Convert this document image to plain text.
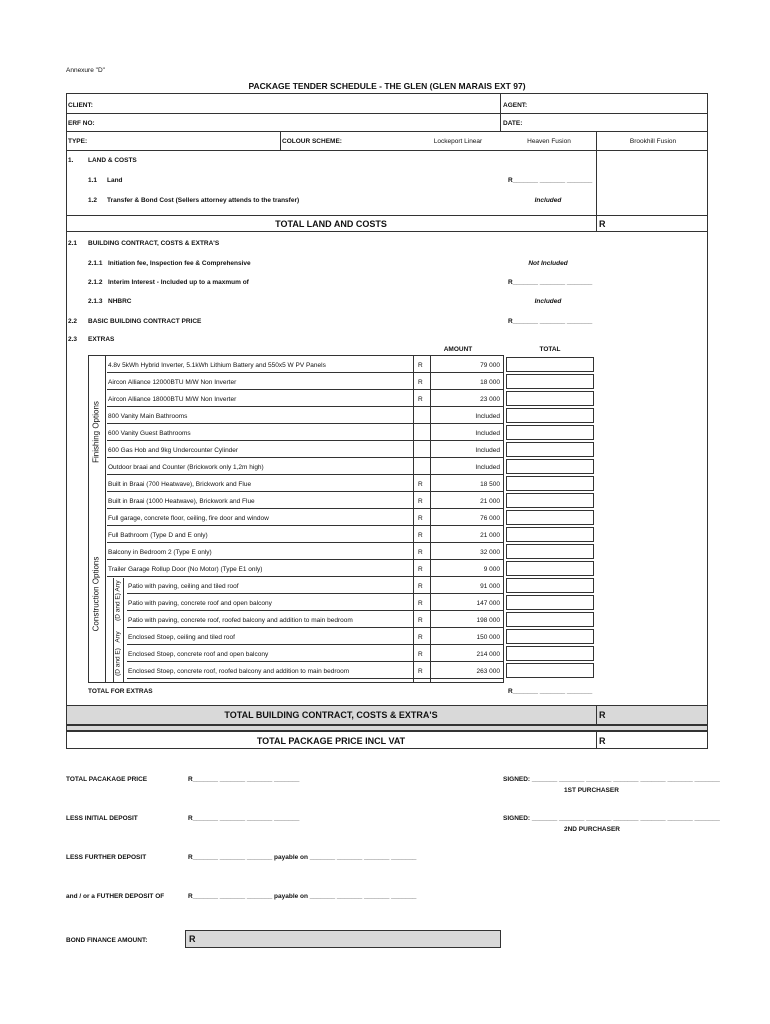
Annexure "D"
PACKAGE TENDER SCHEDULE - THE GLEN (GLEN MARAIS EXT 97)
CLIENT:	AGENT:
ERF NO:	DATE:
TYPE:	COLOUR SCHEME:	Lockeport Linear	Heaven Fusion	Brookhill Fusion
1. LAND & COSTS
1.1 Land	R_______ _______ _______
1.2 Transfer & Bond Cost (Sellers attorney attends to the transfer)	Included
TOTAL LAND AND COSTS	R
2.1 BUILDING CONTRACT, COSTS & EXTRA'S
2.1.1 Initiation fee, Inspection fee & Comprehensive	Not Included
2.1.2 Interim Interest - Included up to a maxmum of	R_______ _______ _______
2.1.3 NHBRC	Included
2.2 BASIC BUILDING CONTRACT PRICE	R_______ _______ _______
2.3 EXTRAS
AMOUNT	TOTAL
Finishing Options
Construction Options Any
(D and E)
Any
(D and E)
4.8v 5kWh Hybrid Inverter, 5.1kWh Lithium Battery and 550x5 W PV Panels	R	79 000
Aircon Alliance 12000BTU M/W Non Inverter	R	18 000
Aircon Alliance 18000BTU M/W Non Inverter	R	23 000
800 Vanity Main Bathrooms	Included
600 Vanity Guest Bathrooms	Included
600 Gas Hob and 9kg Undercounter Cylinder	Included
Outdoor braai and Counter (Brickwork only 1,2m high)	Included
Built in Braai (700 Heatwave), Brickwork and Flue	R	18 500
Built in Braai (1000 Heatwave), Brickwork and Flue	R	21 000
Full garage, concrete floor, ceiling, fire door and window	R	76 000
Full Bathroom (Type D and E only)	R	21 000
Balcony in Bedroom 2 (Type E only)	R	32 000
Trailer Garage Rollup Door (No Motor) (Type E1 only)	R	9 000
Patio with paving, ceiling and tiled roof	R	91 000
Patio with paving, concrete roof and open balcony	R	147 000
Patio with paving, concrete roof, roofed balcony and addition to main bedroom	R	198 000
Enclosed Stoep, ceiling and tiled roof	R	150 000
Enclosed Stoep, concrete roof and open balcony	R	214 000
Enclosed Stoep, concrete roof, roofed balcony and addition to main bedroom	R	263 000
TOTAL FOR EXTRAS	R_______ _______ _______
TOTAL BUILDING CONTRACT, COSTS & EXTRA'S	R
TOTAL PACKAGE PRICE INCL VAT	R
TOTAL PACAKAGE PRICE	R_______ _______ _______ _______	SIGNED: _______ _______ _______ _______ _______ _______ _______
1ST PURCHASER
LESS INITIAL DEPOSIT	R_______ _______ _______ _______	SIGNED: _______ _______ _______ _______ _______ _______ _______
2ND PURCHASER
LESS FURTHER DEPOSIT	R_______ _______ _______ payable on _______ _______ _______ _______
and / or a FUTHER DEPOSIT OF	R_______ _______ _______ payable on _______ _______ _______ _______
BOND FINANCE AMOUNT:	R
